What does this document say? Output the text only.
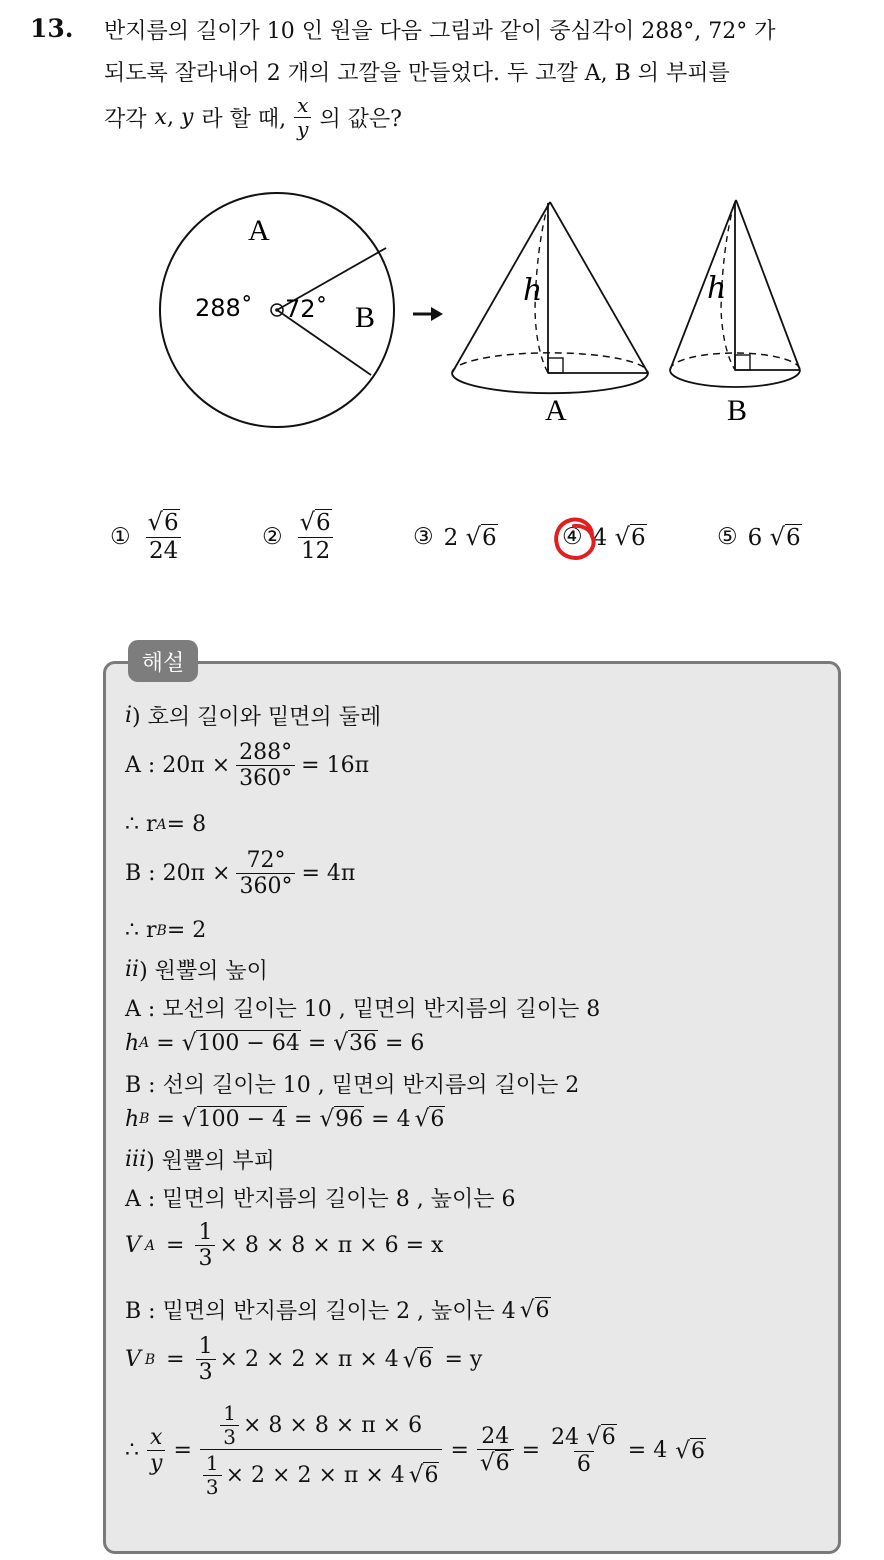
13. 반지름의 길이가 10 인 원을 다음 그림과 같이 중심각이 288°, 72° 가
되도록 잘라내어 2 개의 고깔을 만들었다. 두 고깔 A, B 의 부피를
각각 x, y 라 할 때, $\frac{x}{y}$ 의 값은?
A
B
288˚ 72˚
h
A
h
B
① $\frac{√6}{24}$	② $\frac{√6}{12}$	③ 2 √6	④ 4 √6	⑤ 6 √6
해설
i ) 호의 길이와 밑면의 둘레
A : $20\pi \times \frac{288^\circ}{360^\circ} = 16\pi$
∴ r A = 8
B : $20\pi \times \frac{72^\circ}{360^\circ} = 4\pi$
∴ r B = 2
ii ) 원뿔의 높이
A : 모선의 길이는 10 , 밑면의 반지름의 길이는 8
h A = √100 − 64 = √36 = 6
B : 선의 길이는 10 , 밑면의 반지름의 길이는 2
h B = √100 − 4 = √96 = 4 √6
iii ) 원뿔의 부피
A : 밑면의 반지름의 길이는 8 , 높이는 6
V $A = \frac{1}{3} \times 8 \times 8 \times \pi \times 6 = x$
B : 밑면의 반지름의 길이는 2 , 높이는 4 √6
V $B = \frac{1}{3} \times 2 \times 2 \times \pi \times 4$ √6 = y
∴ $\frac{x}{y} = \frac{\frac{1}{3} \times 8 \times 8 \times \pi \times 6}{\frac{1}{3} \times 2 \times 2 \times \pi \times 4 √6} = \frac{24}{√6} = \frac{24 √6}{6} = 4$ √6
